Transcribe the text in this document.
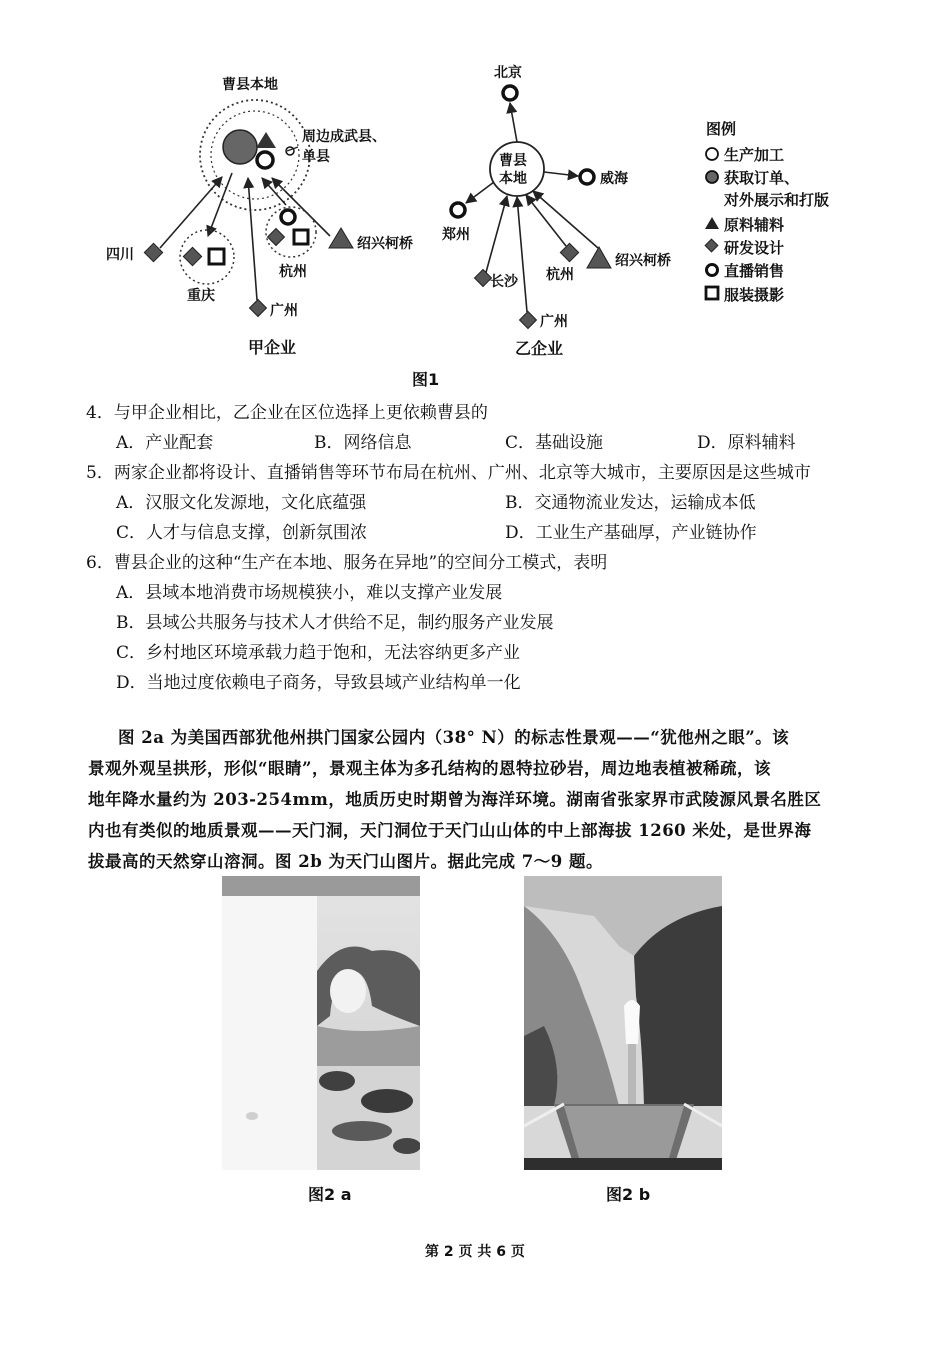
曹县本地
周边成武县、
单县
四川
重庆
杭州
广州
绍兴柯桥
甲企业
曹县
本地
北京
威海
郑州
长沙 杭州
广州
绍兴柯桥
乙企业
图例
生产加工
获取订单、
对外展示和打版
原料辅料
研发设计
直播销售
服装摄影
图1
4．与甲企业相比，乙企业在区位选择上更依赖曹县的
A．产业配套	B．网络信息	C．基础设施	D．原料辅料
5．两家企业都将设计、直播销售等环节布局在杭州、广州、北京等大城市，主要原因是这些城市
A．汉服文化发源地，文化底蕴强	B．交通物流业发达，运输成本低
C．人才与信息支撑，创新氛围浓	D．工业生产基础厚，产业链协作
6．曹县企业的这种“生产在本地、服务在异地”的空间分工模式，表明
A．县域本地消费市场规模狭小，难以支撑产业发展
B．县域公共服务与技术人才供给不足，制约服务产业发展
C．乡村地区环境承载力趋于饱和，无法容纳更多产业
D．当地过度依赖电子商务，导致县域产业结构单一化
图 2a 为美国西部犹他州拱门国家公园内（38° N）的标志性景观——“犹他州之眼”。该
景观外观呈拱形，形似“眼睛”，景观主体为多孔结构的恩特拉砂岩，周边地表植被稀疏，该
地年降水量约为 203-254mm，地质历史时期曾为海洋环境。湖南省张家界市武陵源风景名胜区
内也有类似的地质景观——天门洞，天门洞位于天门山山体的中上部海拔 1260 米处，是世界海
拔最高的天然穿山溶洞。图 2b 为天门山图片。据此完成 7～9 题。
图2 a	图2 b
第 2 页 共 6 页
